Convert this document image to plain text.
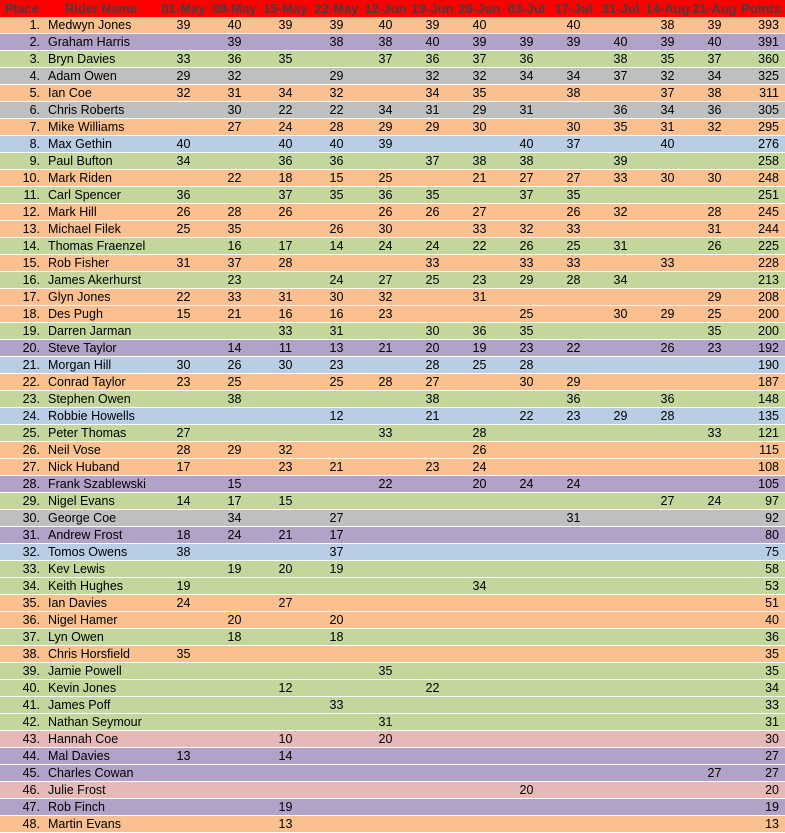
Place	Rider Name	01-May	08-May	15-May	22-May	12-Jun	19-Jun	26-Jun	03-Jul	17-Jul	31-Jul	14-Aug	21-Aug	Points
1.	Medwyn Jones	39	40	39	39	40	39	40		40		38	39	393
2.	Graham Harris		39		38	38	40	39	39	39	40	39	40	391
3.	Bryn Davies	33	36	35		37	36	37	36		38	35	37	360
4.	Adam Owen	29	32		29		32	32	34	34	37	32	34	325
5.	Ian Coe	32	31	34	32		34	35		38		37	38	311
6.	Chris Roberts		30	22	22	34	31	29	31		36	34	36	305
7.	Mike Williams		27	24	28	29	29	30		30	35	31	32	295
8.	Max Gethin	40		40	40	39			40	37		40		276
9.	Paul Bufton	34		36	36		37	38	38		39			258
10.	Mark Riden		22	18	15	25		21	27	27	33	30	30	248
11.	Carl Spencer	36		37	35	36	35		37	35				251
12.	Mark Hill	26	28	26		26	26	27		26	32		28	245
13.	Michael Filek	25	35		26	30		33	32	33			31	244
14.	Thomas Fraenzel		16	17	14	24	24	22	26	25	31		26	225
15.	Rob Fisher	31	37	28			33		33	33		33		228
16.	James Akerhurst		23		24	27	25	23	29	28	34			213
17.	Glyn Jones	22	33	31	30	32		31					29	208
18.	Des Pugh	15	21	16	16	23			25		30	29	25	200
19.	Darren Jarman			33	31		30	36	35				35	200
20.	Steve Taylor		14	11	13	21	20	19	23	22		26	23	192
21.	Morgan Hill	30	26	30	23		28	25	28					190
22.	Conrad Taylor	23	25		25	28	27		30	29				187
23.	Stephen Owen		38				38			36		36		148
24.	Robbie Howells				12		21		22	23	29	28		135
25.	Peter Thomas	27				33		28					33	121
26.	Neil Vose	28	29	32				26						115
27.	Nick Huband	17		23	21		23	24						108
28.	Frank Szablewski		15			22		20	24	24				105
29.	Nigel Evans	14	17	15								27	24	97
30.	George Coe		34		27					31				92
31.	Andrew Frost	18	24	21	17									80
32.	Tomos Owens	38			37									75
33.	Kev Lewis		19	20	19									58
34.	Keith Hughes	19						34						53
35.	Ian Davies	24		27										51
36.	Nigel Hamer		20		20									40
37.	Lyn Owen		18		18									36
38.	Chris Horsfield	35												35
39.	Jamie Powell					35								35
40.	Kevin Jones			12			22							34
41.	James Poff				33									33
42.	Nathan Seymour					31								31
43.	Hannah Coe			10		20								30
44.	Mal Davies	13		14										27
45.	Charles Cowan												27	27
46.	Julie Frost								20					20
47.	Rob Finch			19										19
48.	Martin Evans			13										13
